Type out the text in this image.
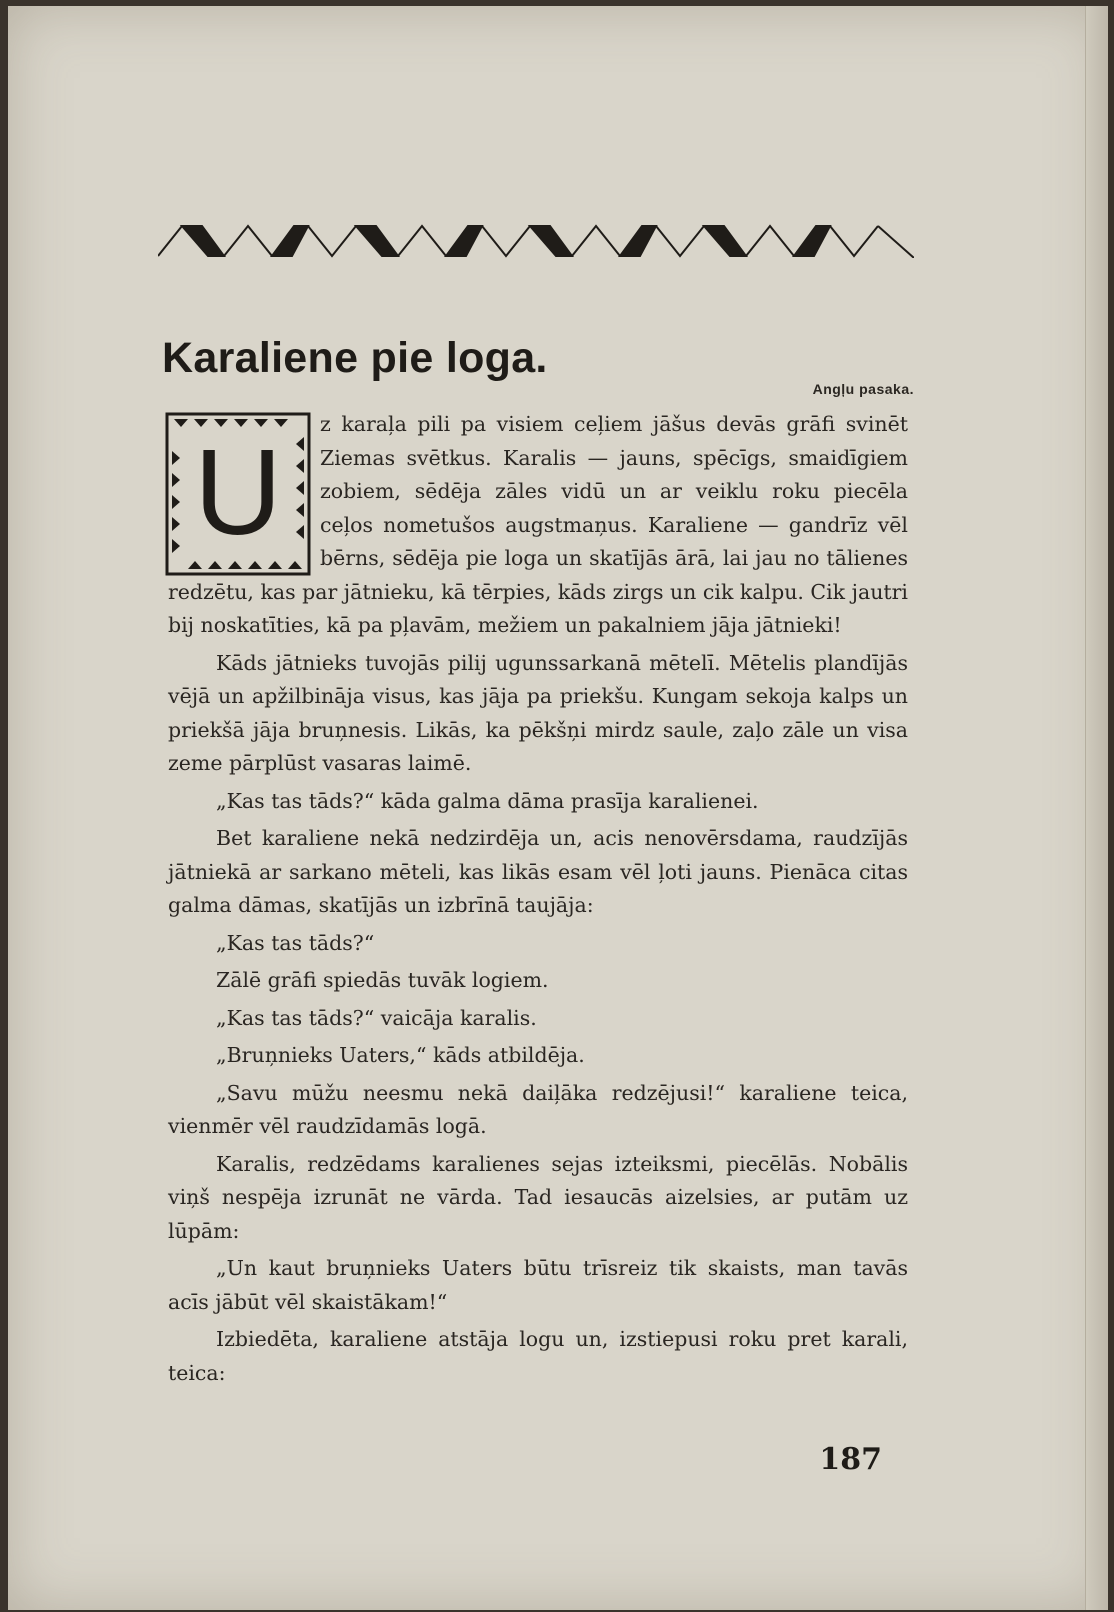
Karaliene pie loga.
Angļu pasaka.
U	z karaļa pili pa visiem ceļiem jāšus devās grāfi svinēt Ziemas svētkus. Karalis — jauns, spēcīgs, smaidīgiem zobiem, sēdēja zāles vidū un ar veiklu roku piecēla ceļos nometušos augstmaņus. Karaliene — gandrīz vēl bērns, sēdēja pie loga un skatījās ārā, lai jau no tālienes redzētu, kas par jātnieku, kā tērpies, kāds zirgs un cik kalpu. Cik jautri bij noskatīties, kā pa pļavām, mežiem un pakalniem jāja jātnieki!

Kāds jātnieks tuvojās pilij ugunssarkanā mētelī. Mētelis plandījās vējā un apžilbināja visus, kas jāja pa priekšu. Kungam sekoja kalps un priekšā jāja bruņnesis. Likās, ka pēkšņi mirdz saule, zaļo zāle un visa zeme pārplūst vasaras laimē.

„Kas tas tāds?“ kāda galma dāma prasīja karalienei.

Bet karaliene nekā nedzirdēja un, acis nenovērsdama, raudzījās jātniekā ar sarkano mēteli, kas likās esam vēl ļoti jauns. Pienāca citas galma dāmas, skatījās un izbrīnā taujāja:

„Kas tas tāds?“

Zālē grāfi spiedās tuvāk logiem.

„Kas tas tāds?“ vaicāja karalis.

„Bruņnieks Uaters,“ kāds atbildēja.

„Savu mūžu neesmu nekā daiļāka redzējusi!“ karaliene teica, vienmēr vēl raudzīdamās logā.

Karalis, redzēdams karalienes sejas izteiksmi, piecēlās. Nobālis viņš nespēja izrunāt ne vārda. Tad iesaucās aizelsies, ar putām uz lūpām:

„Un kaut bruņnieks Uaters būtu trīsreiz tik skaists, man tavās acīs jābūt vēl skaistākam!“

Izbiedēta, karaliene atstāja logu un, izstiepusi roku pret karali, teica:

187
